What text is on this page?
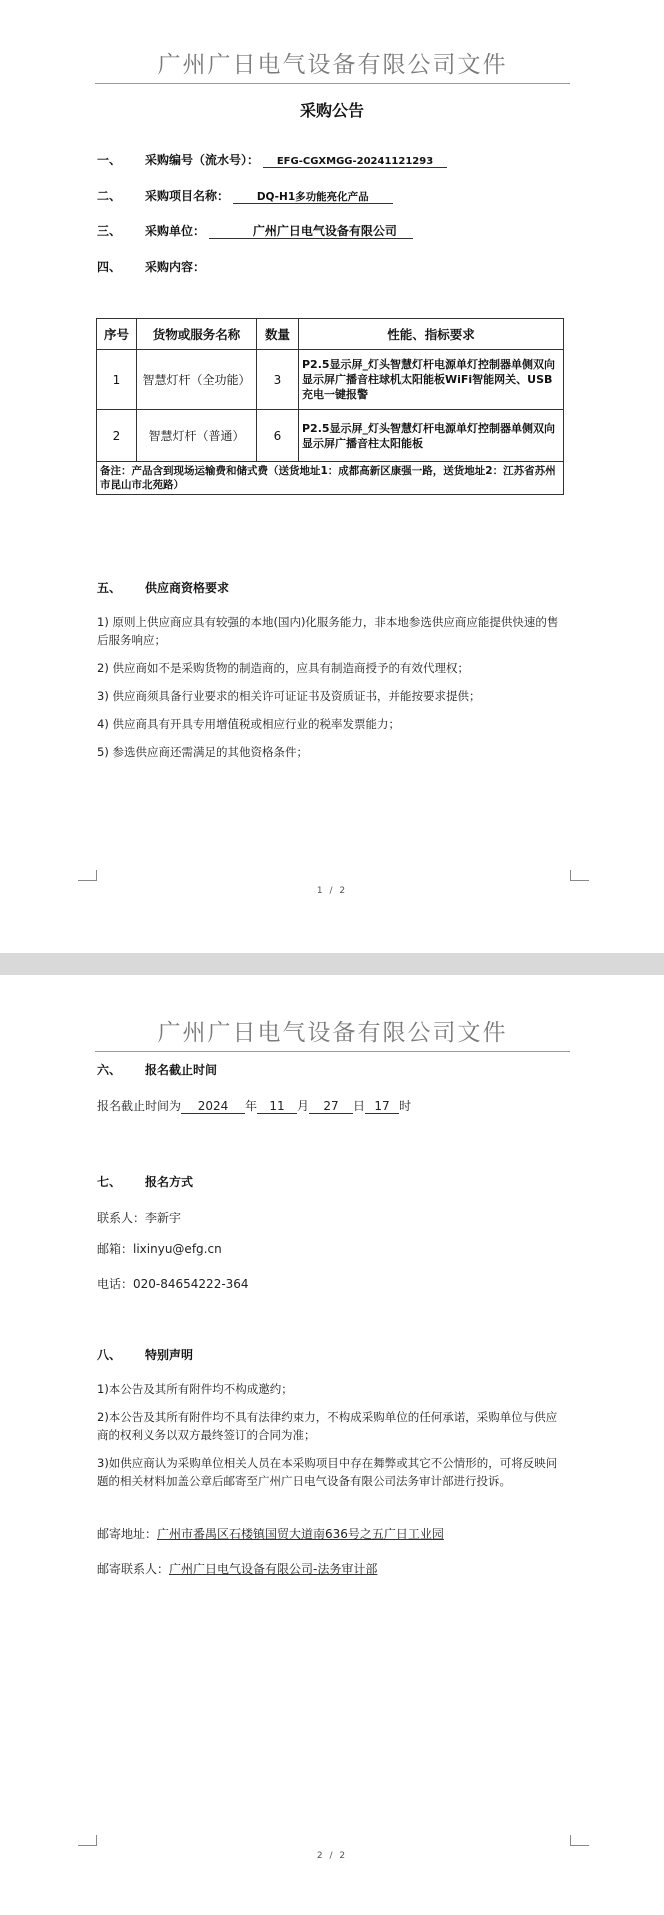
广州广日电气设备有限公司文件
采购公告
一、 采购编号（流水号）： EFG-CGXMGG-20241121293
二、 采购项目名称：	DQ-H1多功能亮化产品
三、 采购单位：	广州广日电气设备有限公司
四、 采购内容：
序号	货物或服务名称	数量	性能、指标要求
1	智慧灯杆（全功能）	3	P2.5显示屏_灯头智慧灯杆电源单灯控制器单侧双向显示屏广播音柱球机太阳能板WiFi智能网关、USB充电一键报警
2	智慧灯杆（普通）	6	P2.5显示屏_灯头智慧灯杆电源单灯控制器单侧双向显示屏广播音柱太阳能板
备注：产品含到现场运输费和储式费（送货地址1：成都高新区康强一路，送货地址2：江苏省苏州市昆山市北苑路）			
五、 供应商资格要求
1) 原则上供应商应具有较强的本地(国内)化服务能力，非本地参选供应商应能提供快速的售后服务响应；
2) 供应商如不是采购货物的制造商的，应具有制造商授予的有效代理权；
3) 供应商须具备行业要求的相关许可证证书及资质证书，并能按要求提供；
4) 供应商具有开具专用增值税或相应行业的税率发票能力；
5) 参选供应商还需满足的其他资格条件；
1 / 2
广州广日电气设备有限公司文件
六、 报名截止时间
报名截止时间为 2024 年 11 月 27 日 17 时
七、 报名方式
联系人：李新宇
邮箱：lixinyu@efg.cn
电话：020-84654222-364
八、 特别声明
1)本公告及其所有附件均不构成邀约；
2)本公告及其所有附件均不具有法律约束力，不构成采购单位的任何承诺，采购单位与供应商的权利义务以双方最终签订的合同为准；
3)如供应商认为采购单位相关人员在本采购项目中存在舞弊或其它不公情形的，可将反映问题的相关材料加盖公章后邮寄至广州广日电气设备有限公司法务审计部进行投诉。
邮寄地址：广州市番禺区石楼镇国贸大道南636号之五广日工业园
邮寄联系人：广州广日电气设备有限公司-法务审计部
2 / 2
